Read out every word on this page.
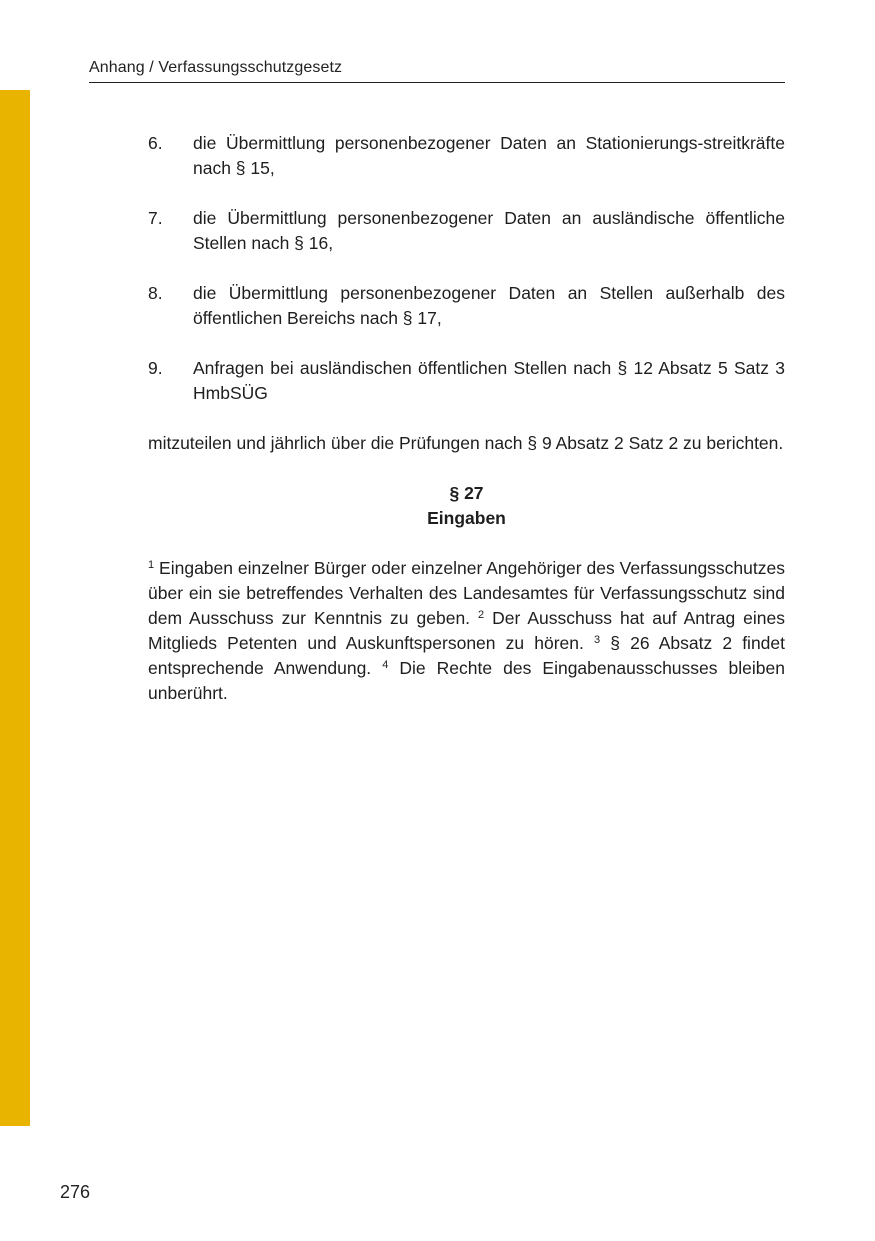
Anhang / Verfassungsschutzgesetz
6.	die Übermittlung personenbezogener Daten an Stationierungs-streitkräfte nach § 15,
7.	die Übermittlung personenbezogener Daten an ausländische öffentliche Stellen nach § 16,
8.	die Übermittlung personenbezogener Daten an Stellen außerhalb des öffentlichen Bereichs nach § 17,
9.	Anfragen bei ausländischen öffentlichen Stellen nach § 12 Absatz 5 Satz 3 HmbSÜG

mitzuteilen und jährlich über die Prüfungen nach § 9 Absatz 2 Satz 2 zu berichten.

§ 27
Eingaben
$^1$ Eingaben einzelner Bürger oder einzelner Angehöriger des Verfassungsschutzes über ein sie betreffendes Verhalten des Landesamtes für Verfassungsschutz sind dem Ausschuss zur Kenntnis zu geben. $^2$ Der Ausschuss hat auf Antrag eines Mitglieds Petenten und Auskunftspersonen zu hören. $^3$ § 26 Absatz 2 findet entsprechende Anwendung. $^4$ Die Rechte des Eingabenausschusses bleiben unberührt.
276
